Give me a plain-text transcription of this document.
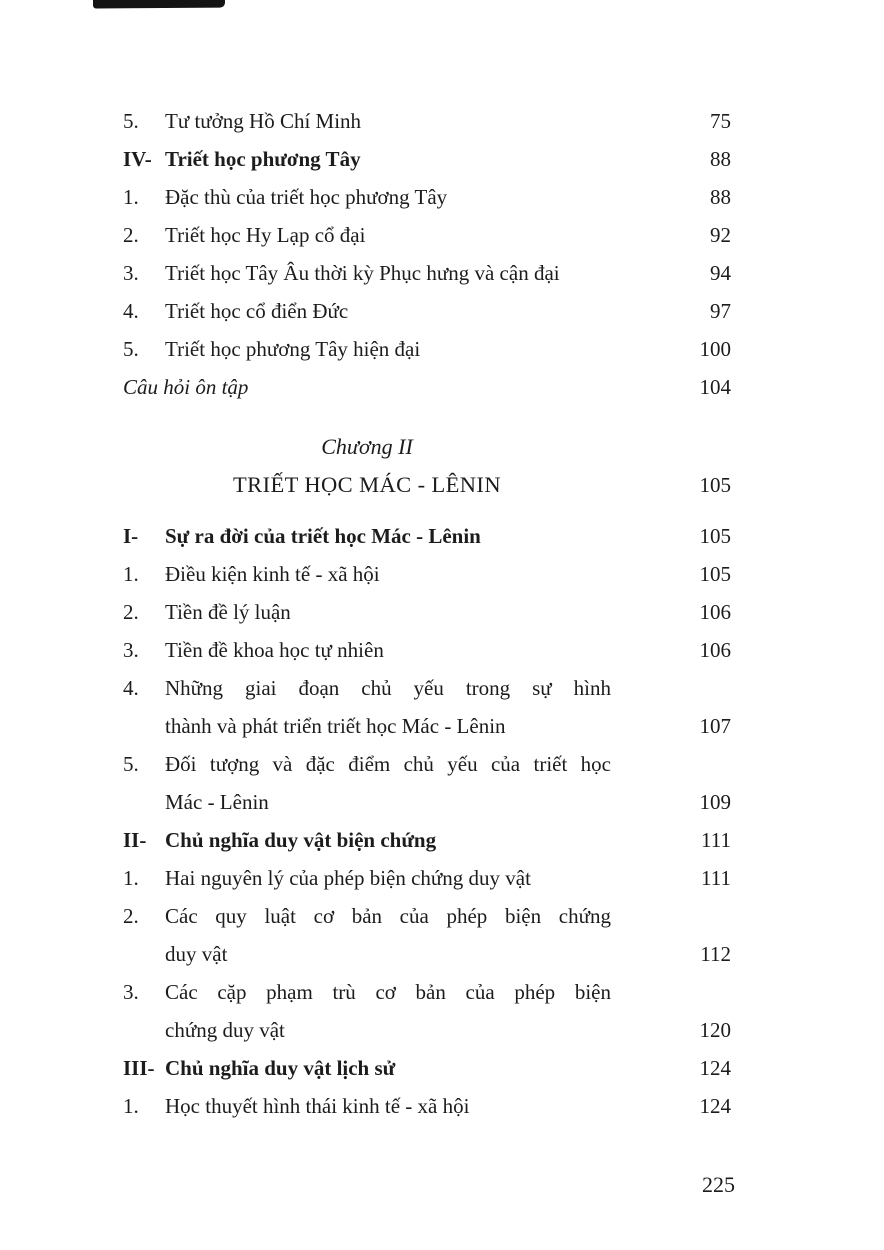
5.	Tư tưởng Hồ Chí Minh	75
IV- Triết học phương Tây	88
1.	Đặc thù của triết học phương Tây	88
2.	Triết học Hy Lạp cổ đại	92
3.	Triết học Tây Âu thời kỳ Phục hưng và cận đại	94
4.	Triết học cổ điển Đức	97
5.	Triết học phương Tây hiện đại	100
Câu hỏi ôn tập	104
Chương II
TRIẾT HỌC MÁC - LÊNIN	105
I-	Sự ra đời của triết học Mác - Lênin	105
1.	Điều kiện kinh tế - xã hội	105
2.	Tiền đề lý luận	106
3.	Tiền đề khoa học tự nhiên	106
4.	Những giai đoạn chủ yếu trong sự hình
thành và phát triển triết học Mác - Lênin	107
5.	Đối tượng và đặc điểm chủ yếu của triết học
Mác - Lênin	109
II- Chủ nghĩa duy vật biện chứng	111
1.	Hai nguyên lý của phép biện chứng duy vật	111
2.	Các quy luật cơ bản của phép biện chứng
duy vật	112
3.	Các cặp phạm trù cơ bản của phép biện
chứng duy vật	120
III- Chủ nghĩa duy vật lịch sử	124
1.	Học thuyết hình thái kinh tế - xã hội	124
225
